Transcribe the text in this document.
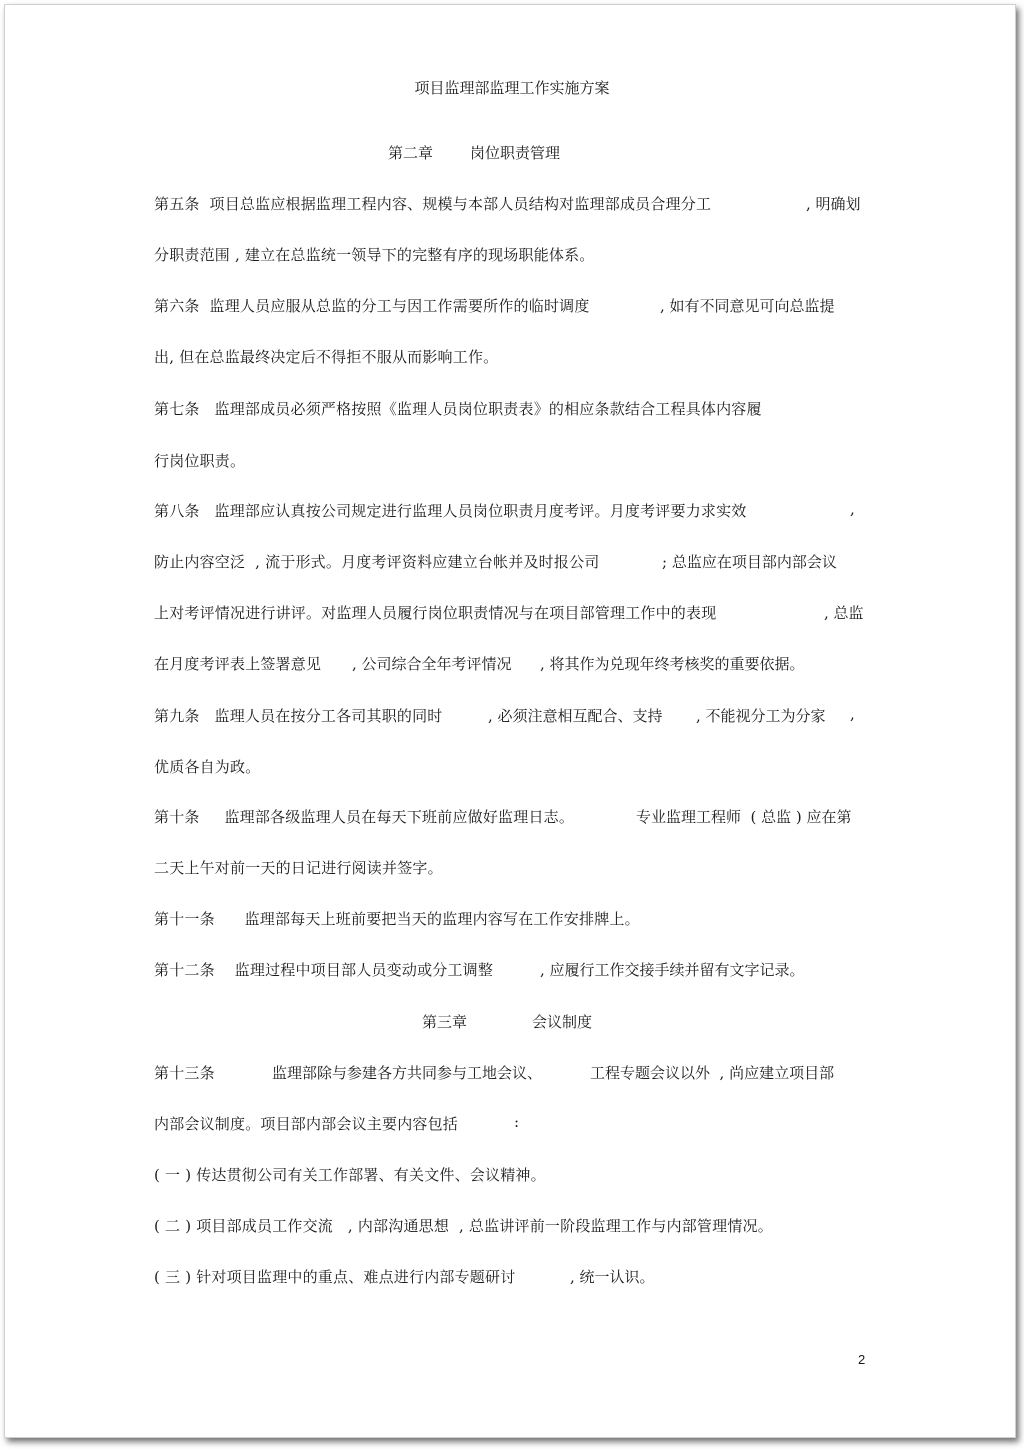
项目监理部监理工作实施方案
第二章 岗位职责管理
第五条  项目总监应根据监理工程内容、规模与本部人员结构对监理部成员合理分工	, 明确划
分职责范围 , 建立在总监统一领导下的完整有序的现场职能体系。
第六条  监理人员应服从总监的分工与因工作需要所作的临时调度	, 如有不同意见可向总监提
出, 但在总监最终决定后不得拒不服从而影响工作。
第七条   监理部成员必须严格按照《监理人员岗位职责表》的相应条款结合工程具体内容履
行岗位职责。
第八条   监理部应认真按公司规定进行监理人员岗位职责月度考评。月度考评要力求实效	,
防止内容空泛  , 流于形式。月度考评资料应建立台帐并及时报公司	; 总监应在项目部内部会议
上对考评情况进行讲评。对监理人员履行岗位职责情况与在项目部管理工作中的表现	, 总监
在月度考评表上签署意见 , 公司综合全年考评情况 , 将其作为兑现年终考核奖的重要依据。
第九条   监理人员在按分工各司其职的同时	, 必须注意相互配合、支持 , 不能视分工为分家 ,
优质各自为政。
第十条     监理部各级监理人员在每天下班前应做好监理日志。	专业监理工程师  ( 总监 ) 应在第
二天上午对前一天的日记进行阅读并签字。
第十一条      监理部每天上班前要把当天的监理内容写在工作安排牌上。
第十二条    监理过程中项目部人员变动或分工调整	, 应履行工作交接手续并留有文字记录。
第三章	会议制度
第十三条	监理部除与参建各方共同参与工地会议、	工程专题会议以外  , 尚应建立项目部
内部会议制度。项目部内部会议主要内容包括	:
( 一 ) 传达贯彻公司有关工作部署、有关文件、会议精神。
( 二 ) 项目部成员工作交流   , 内部沟通思想  , 总监讲评前一阶段监理工作与内部管理情况。
( 三 ) 针对项目监理中的重点、难点进行内部专题研讨	, 统一认识。
2
